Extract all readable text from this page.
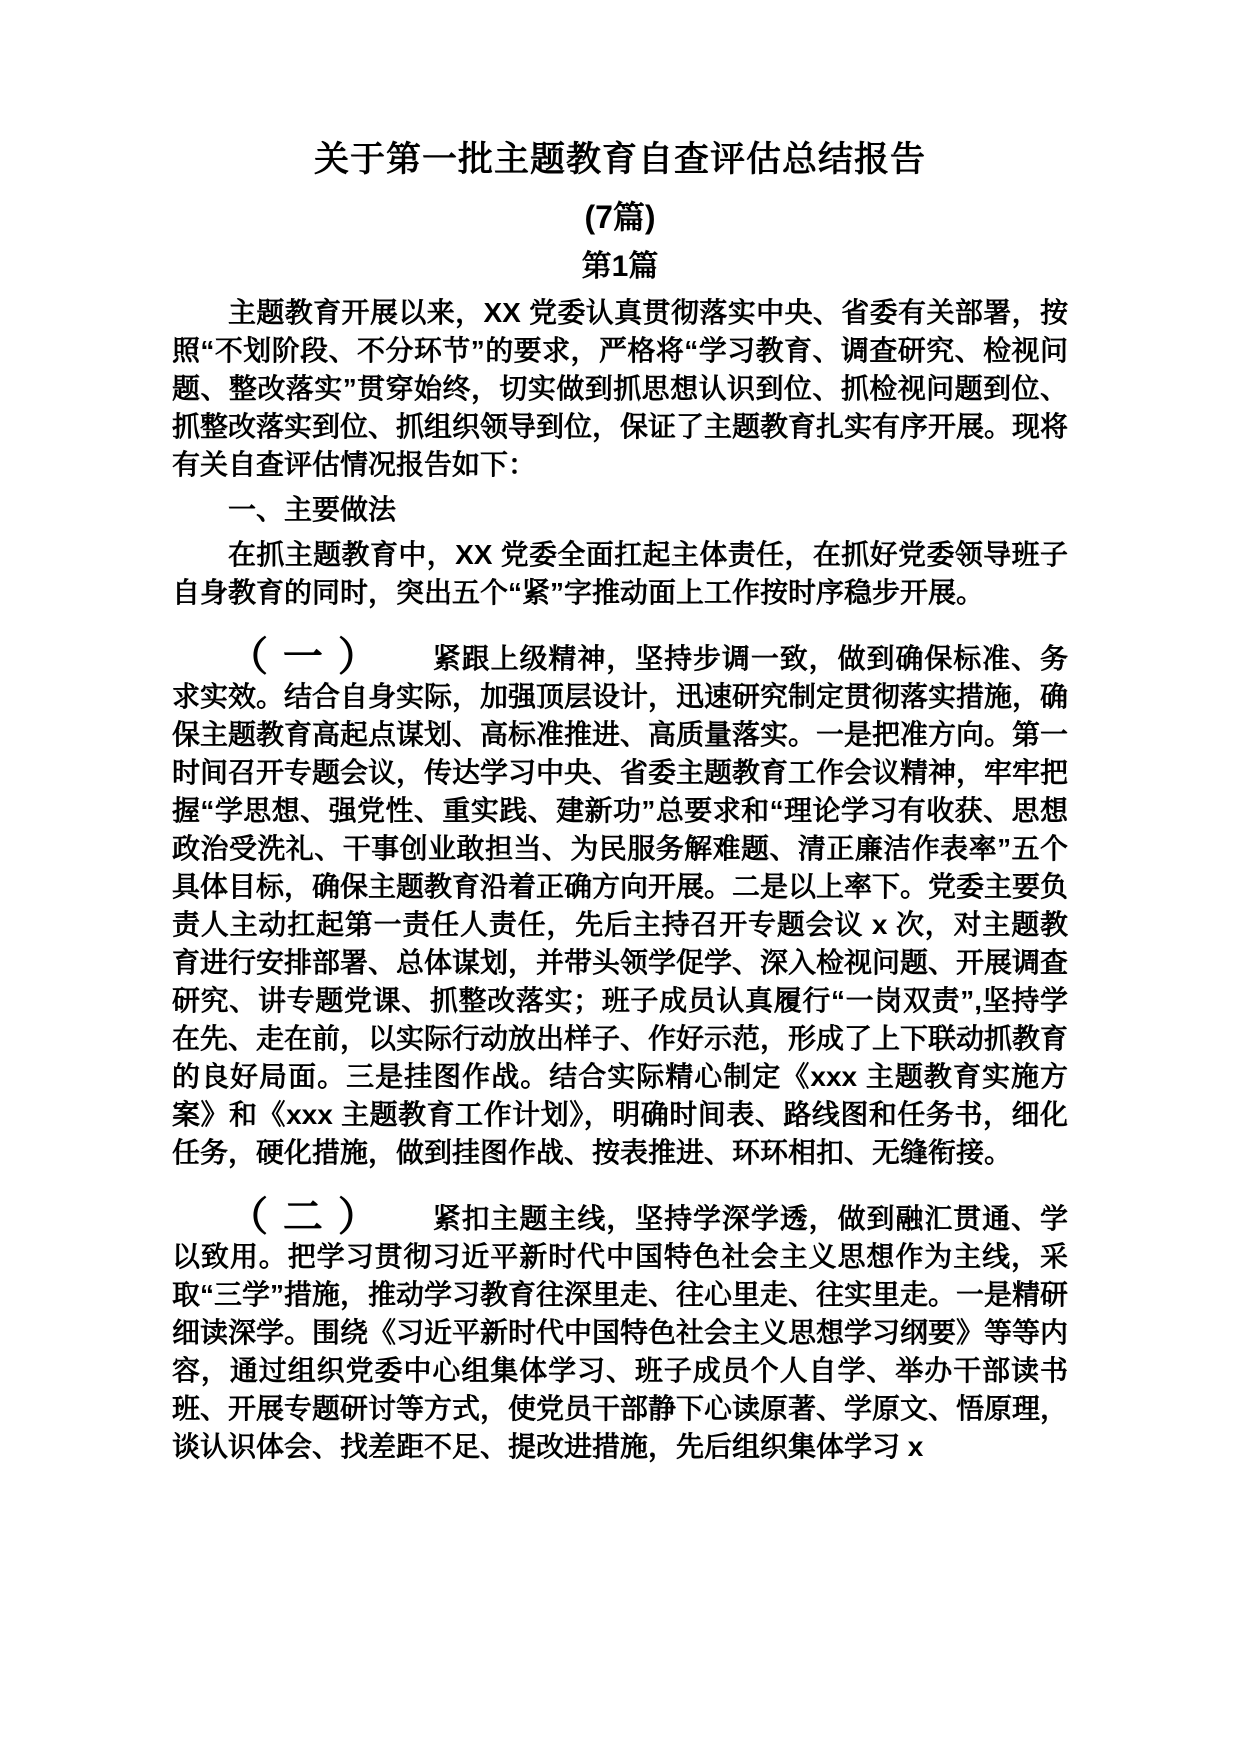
关于第一批主题教育自查评估总结报告
(7篇)
第1篇

主题教育开展以来，XX 党委认真贯彻落实中央、省委有关部署，按照“不划阶段、不分环节”的要求，严格将“学习教育、调查研究、检视问题、整改落实”贯穿始终，切实做到抓思想认识到位、抓检视问题到位、抓整改落实到位、抓组织领导到位，保证了主题教育扎实有序开展。现将有关自查评估情况报告如下：

一、主要做法

在抓主题教育中，XX 党委全面扛起主体责任，在抓好党委领导班子自身教育的同时，突出五个“紧”字推动面上工作按时序稳步开展。

（一） 紧跟上级精神，坚持步调一致，做到确保标准、务求实效。结合自身实际，加强顶层设计，迅速研究制定贯彻落实措施，确保主题教育高起点谋划、高标准推进、高质量落实。一是把准方向。第一时间召开专题会议，传达学习中央、省委主题教育工作会议精神，牢牢把握“学思想、强党性、重实践、建新功”总要求和“理论学习有收获、思想政治受洗礼、干事创业敢担当、为民服务解难题、清正廉洁作表率”五个具体目标，确保主题教育沿着正确方向开展。二是以上率下。党委主要负责人主动扛起第一责任人责任，先后主持召开专题会议 x 次，对主题教育进行安排部署、总体谋划，并带头领学促学、深入检视问题、开展调查研究、讲专题党课、抓整改落实；班子成员认真履行“一岗双责”,坚持学在先、走在前，以实际行动放出样子、作好示范，形成了上下联动抓教育的良好局面。三是挂图作战。结合实际精心制定《xxx 主题教育实施方案》和《xxx 主题教育工作计划》，明确时间表、路线图和任务书，细化任务，硬化措施，做到挂图作战、按表推进、环环相扣、无缝衔接。

（二） 紧扣主题主线，坚持学深学透，做到融汇贯通、学以致用。把学习贯彻习近平新时代中国特色社会主义思想作为主线，采取“三学”措施，推动学习教育往深里走、往心里走、往实里走。一是精研细读深学。围绕《习近平新时代中国特色社会主义思想学习纲要》等等内容，通过组织党委中心组集体学习、班子成员个人自学、举办干部读书班、开展专题研讨等方式，使党员干部静下心读原著、学原文、悟原理，谈认识体会、找差距不足、提改进措施，先后组织集体学习 x
